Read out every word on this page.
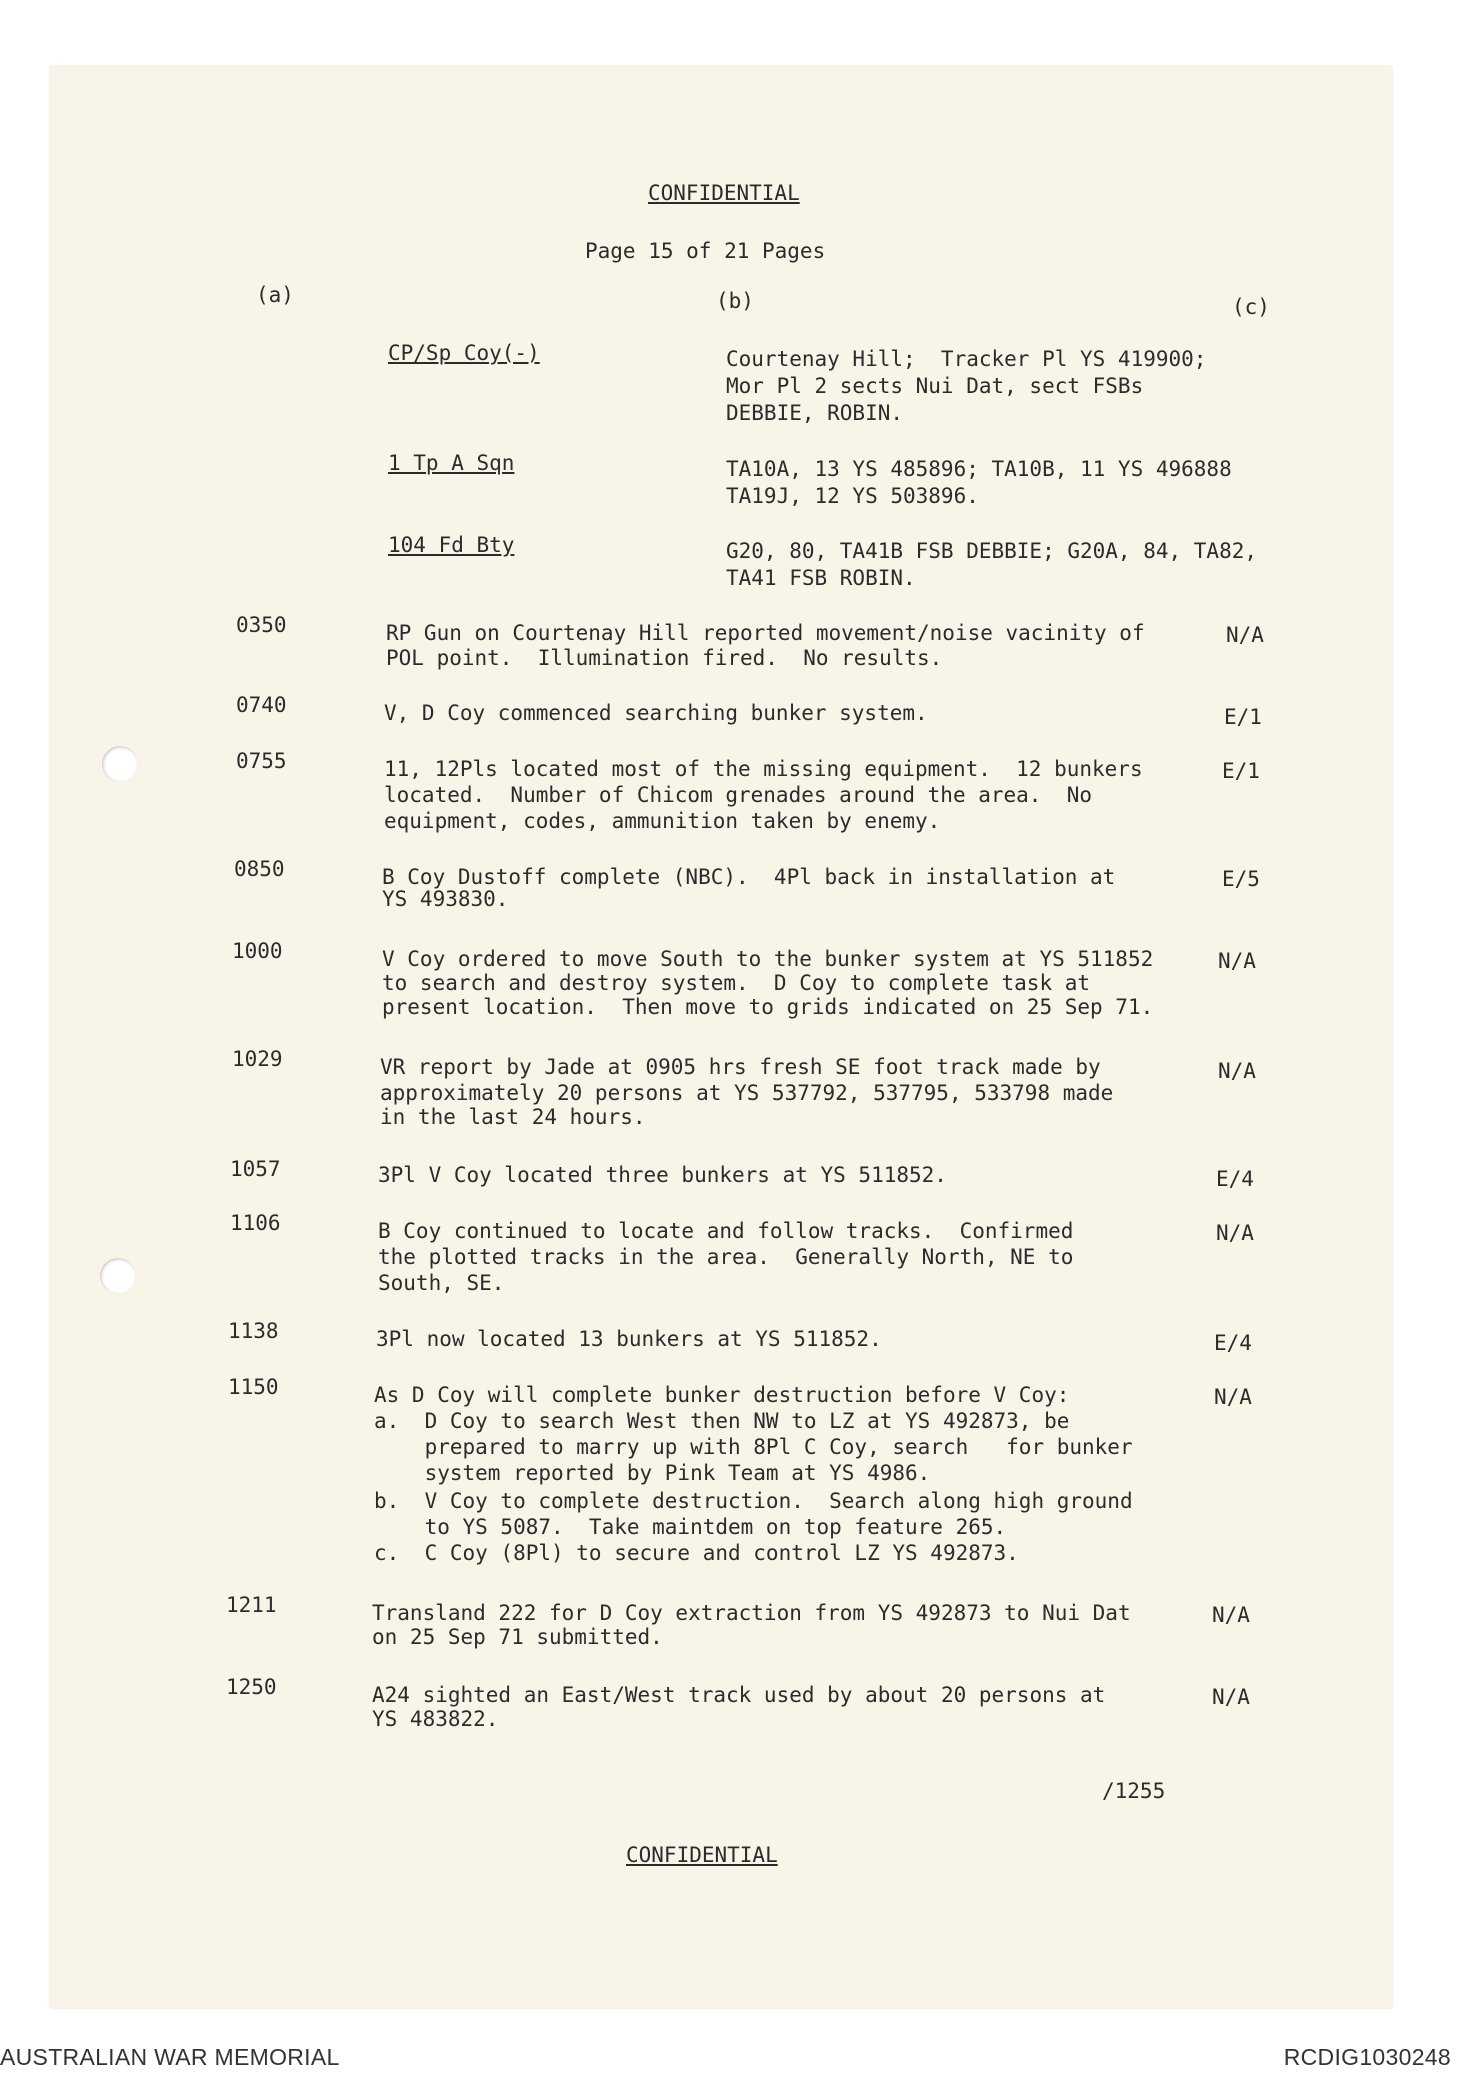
CONFIDENTIAL
Page 15 of 21 Pages
(a)	(b)	(c)
CP/Sp Coy(-)	Courtenay Hill;  Tracker Pl YS 419900;
Mor Pl 2 sects Nui Dat, sect FSBs
DEBBIE, ROBIN.
1 Tp A Sqn	TA10A, 13 YS 485896; TA10B, 11 YS 496888
TA19J, 12 YS 503896.
104 Fd Bty	G20, 80, TA41B FSB DEBBIE; G20A, 84, TA82,
TA41 FSB ROBIN.
0350	RP Gun on Courtenay Hill reported movement/noise vacinity of
POL point.  Illumination fired.  No results.
N/A
0740	V, D Coy commenced searching bunker system.	E/1
0755	11, 12Pls located most of the missing equipment.  12 bunkers
located.  Number of Chicom grenades around the area.  No
equipment, codes, ammunition taken by enemy.
E/1
0850	B Coy Dustoff complete (NBC).  4Pl back in installation at
YS 493830.
E/5
1000	V Coy ordered to move South to the bunker system at YS 511852
to search and destroy system.  D Coy to complete task at
present location.  Then move to grids indicated on 25 Sep 71.
N/A
1029	VR report by Jade at 0905 hrs fresh SE foot track made by
approximately 20 persons at YS 537792, 537795, 533798 made
in the last 24 hours.
N/A
1057	3Pl V Coy located three bunkers at YS 511852.	E/4
1106	B Coy continued to locate and follow tracks.  Confirmed
the plotted tracks in the area.  Generally North, NE to
South, SE.
N/A
1138	3Pl now located 13 bunkers at YS 511852.	E/4
1150	As D Coy will complete bunker destruction before V Coy:
a.  D Coy to search West then NW to LZ at YS 492873, be
prepared to marry up with 8Pl C Coy, search   for bunker
system reported by Pink Team at YS 4986.
b.  V Coy to complete destruction.  Search along high ground
to YS 5087.  Take maintdem on top feature 265.
c.  C Coy (8Pl) to secure and control LZ YS 492873.
N/A
1211	Transland 222 for D Coy extraction from YS 492873 to Nui Dat
on 25 Sep 71 submitted.
N/A
1250	A24 sighted an East/West track used by about 20 persons at
YS 483822.
N/A
/1255
CONFIDENTIAL
AUSTRALIAN WAR MEMORIAL	RCDIG1030248
